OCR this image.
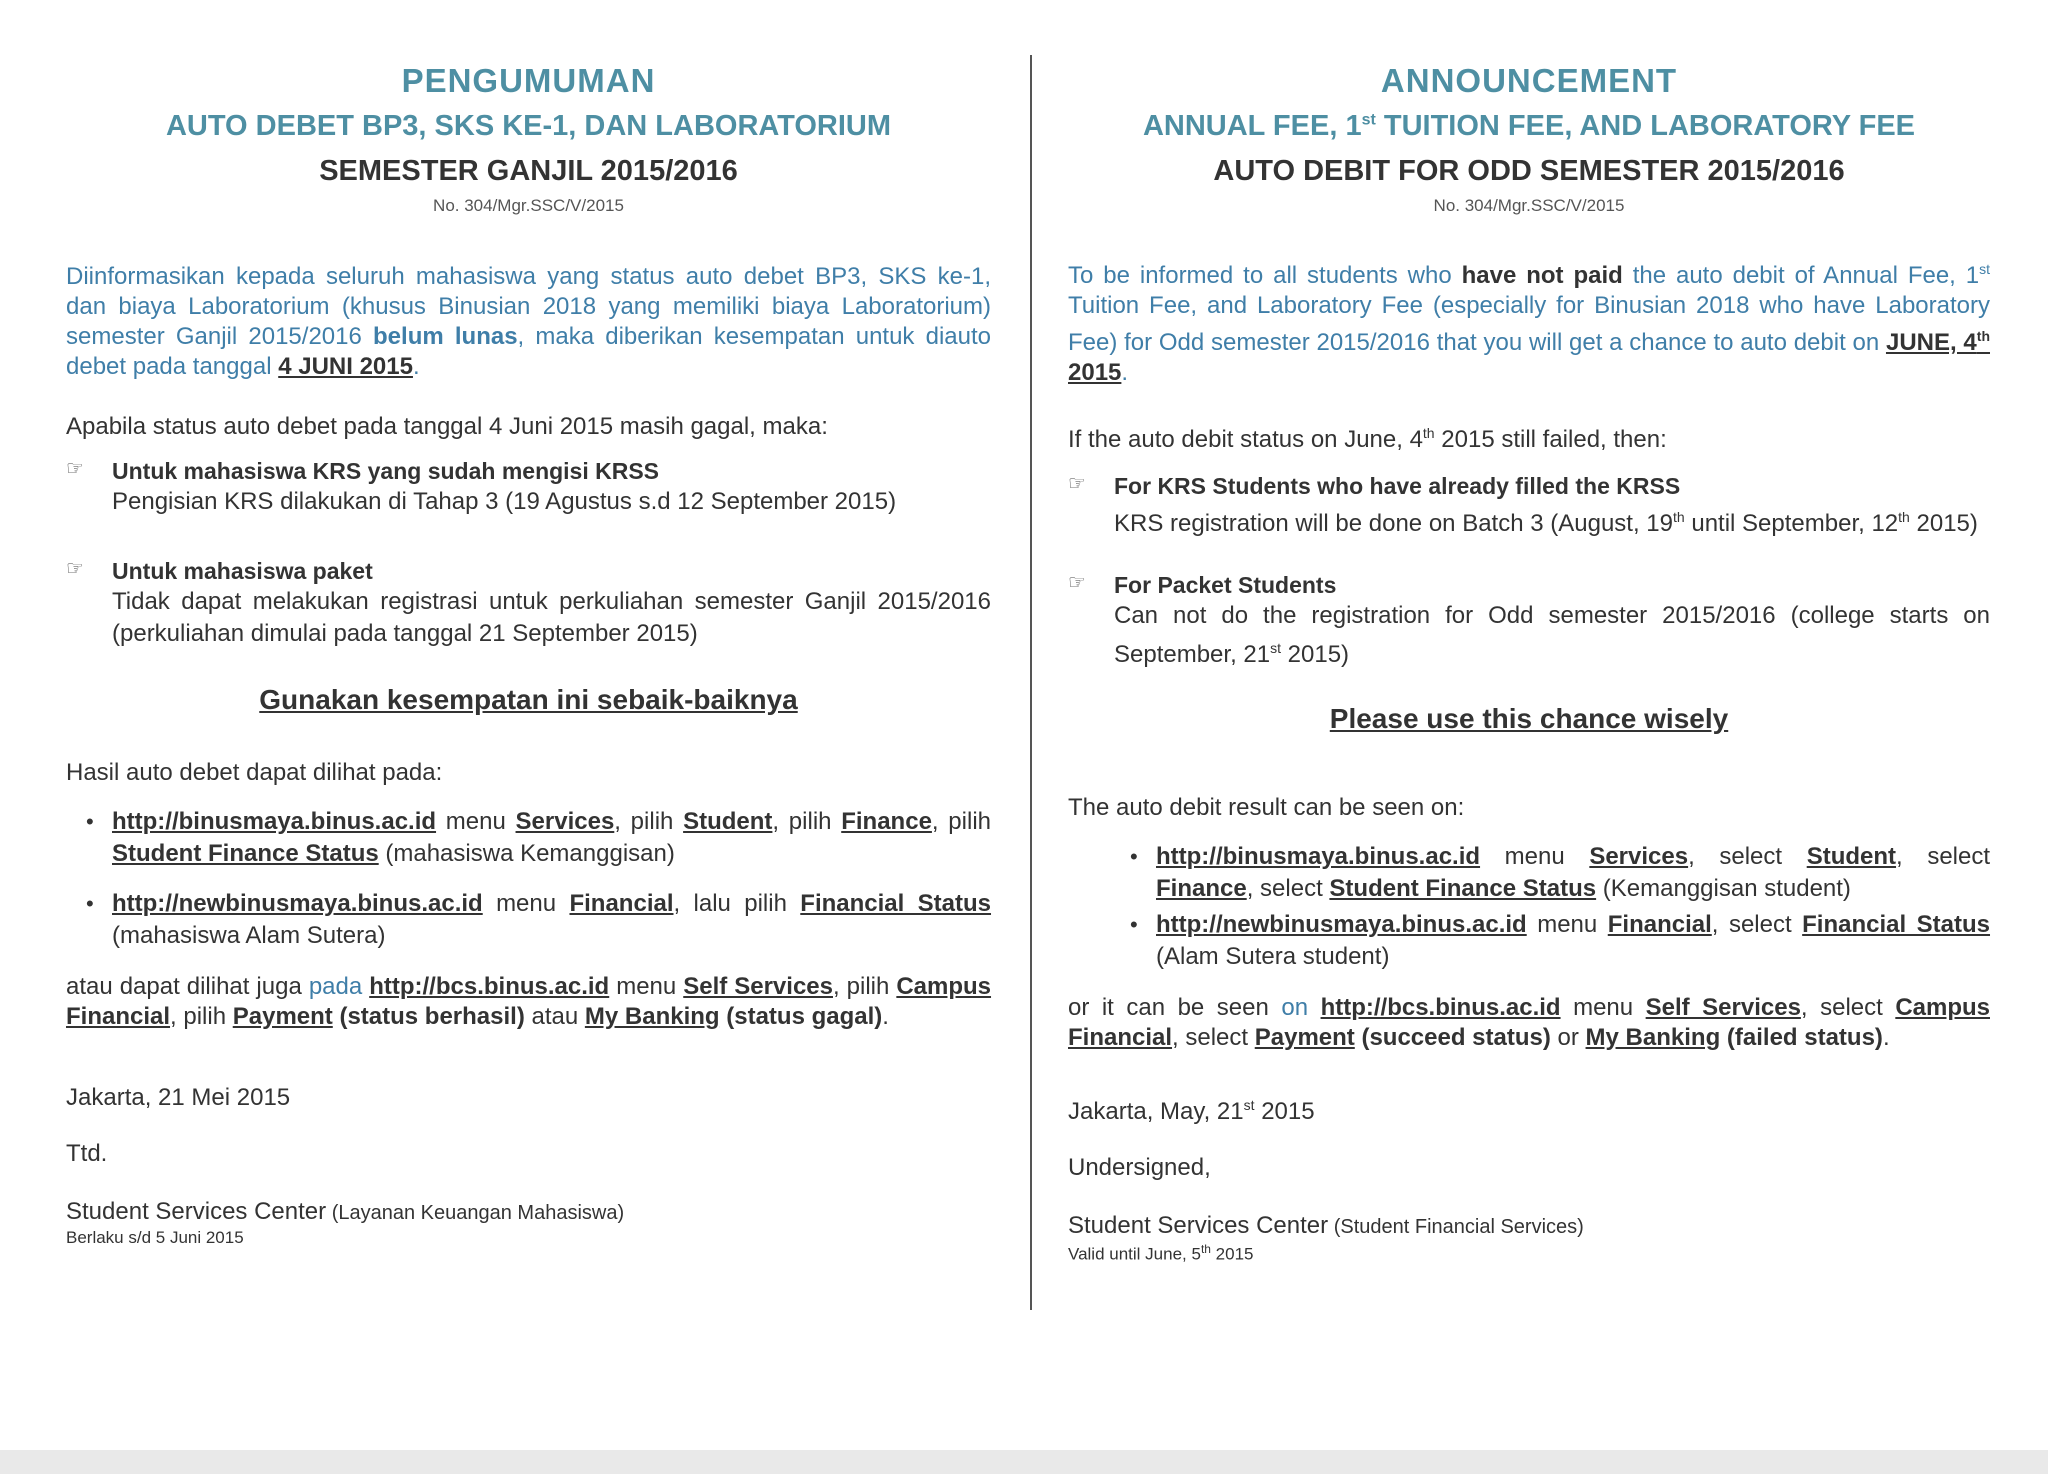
PENGUMUMAN

AUTO DEBET BP3, SKS KE-1, DAN LABORATORIUM

SEMESTER GANJIL 2015/2016

No. 304/Mgr.SSC/V/2015

Diinformasikan kepada seluruh mahasiswa yang status auto debet BP3, SKS ke-1, dan biaya Laboratorium (khusus Binusian 2018 yang memiliki biaya Laboratorium) semester Ganjil 2015/2016 belum lunas, maka diberikan kesempatan untuk diauto debet pada tanggal 4 JUNI 2015.

Apabila status auto debet pada tanggal 4 Juni 2015 masih gagal, maka:

☞ Untuk mahasiswa KRS yang sudah mengisi KRSS

Pengisian KRS dilakukan di Tahap 3 (19 Agustus s.d 12 September 2015)

☞ Untuk mahasiswa paket

Tidak dapat melakukan registrasi untuk perkuliahan semester Ganjil 2015/2016 (perkuliahan dimulai pada tanggal 21 September 2015)

Gunakan kesempatan ini sebaik-baiknya

Hasil auto debet dapat dilihat pada:

• http://binusmaya.binus.ac.id menu Services, pilih Student, pilih Finance, pilih Student Finance Status (mahasiswa Kemanggisan)
• http://newbinusmaya.binus.ac.id menu Financial, lalu pilih Financial Status (mahasiswa Alam Sutera)

atau dapat dilihat juga pada http://bcs.binus.ac.id menu Self Services, pilih Campus Financial, pilih Payment (status berhasil) atau My Banking (status gagal).

Jakarta, 21 Mei 2015

Ttd.

Student Services Center (Layanan Keuangan Mahasiswa)

Berlaku s/d 5 Juni 2015

ANNOUNCEMENT

ANNUAL FEE, 1st TUITION FEE, AND LABORATORY FEE

AUTO DEBIT FOR ODD SEMESTER 2015/2016

No. 304/Mgr.SSC/V/2015

To be informed to all students who have not paid the auto debit of Annual Fee, 1st Tuition Fee, and Laboratory Fee (especially for Binusian 2018 who have Laboratory Fee) for Odd semester 2015/2016 that you will get a chance to auto debit on JUNE, 4th 2015.

If the auto debit status on June, 4th 2015 still failed, then:

☞ For KRS Students who have already filled the KRSS

KRS registration will be done on Batch 3 (August, 19th until September, 12th 2015)

☞ For Packet Students

Can not do the registration for Odd semester 2015/2016 (college starts on September, 21st 2015)

Please use this chance wisely

The auto debit result can be seen on:

• http://binusmaya.binus.ac.id menu Services, select Student, select Finance, select Student Finance Status (Kemanggisan student)
• http://newbinusmaya.binus.ac.id menu Financial, select Financial Status (Alam Sutera student)

or it can be seen on http://bcs.binus.ac.id menu Self Services, select Campus Financial, select Payment (succeed status) or My Banking (failed status).

Jakarta, May, 21st 2015

Undersigned,

Student Services Center (Student Financial Services)

Valid until June, 5th 2015
